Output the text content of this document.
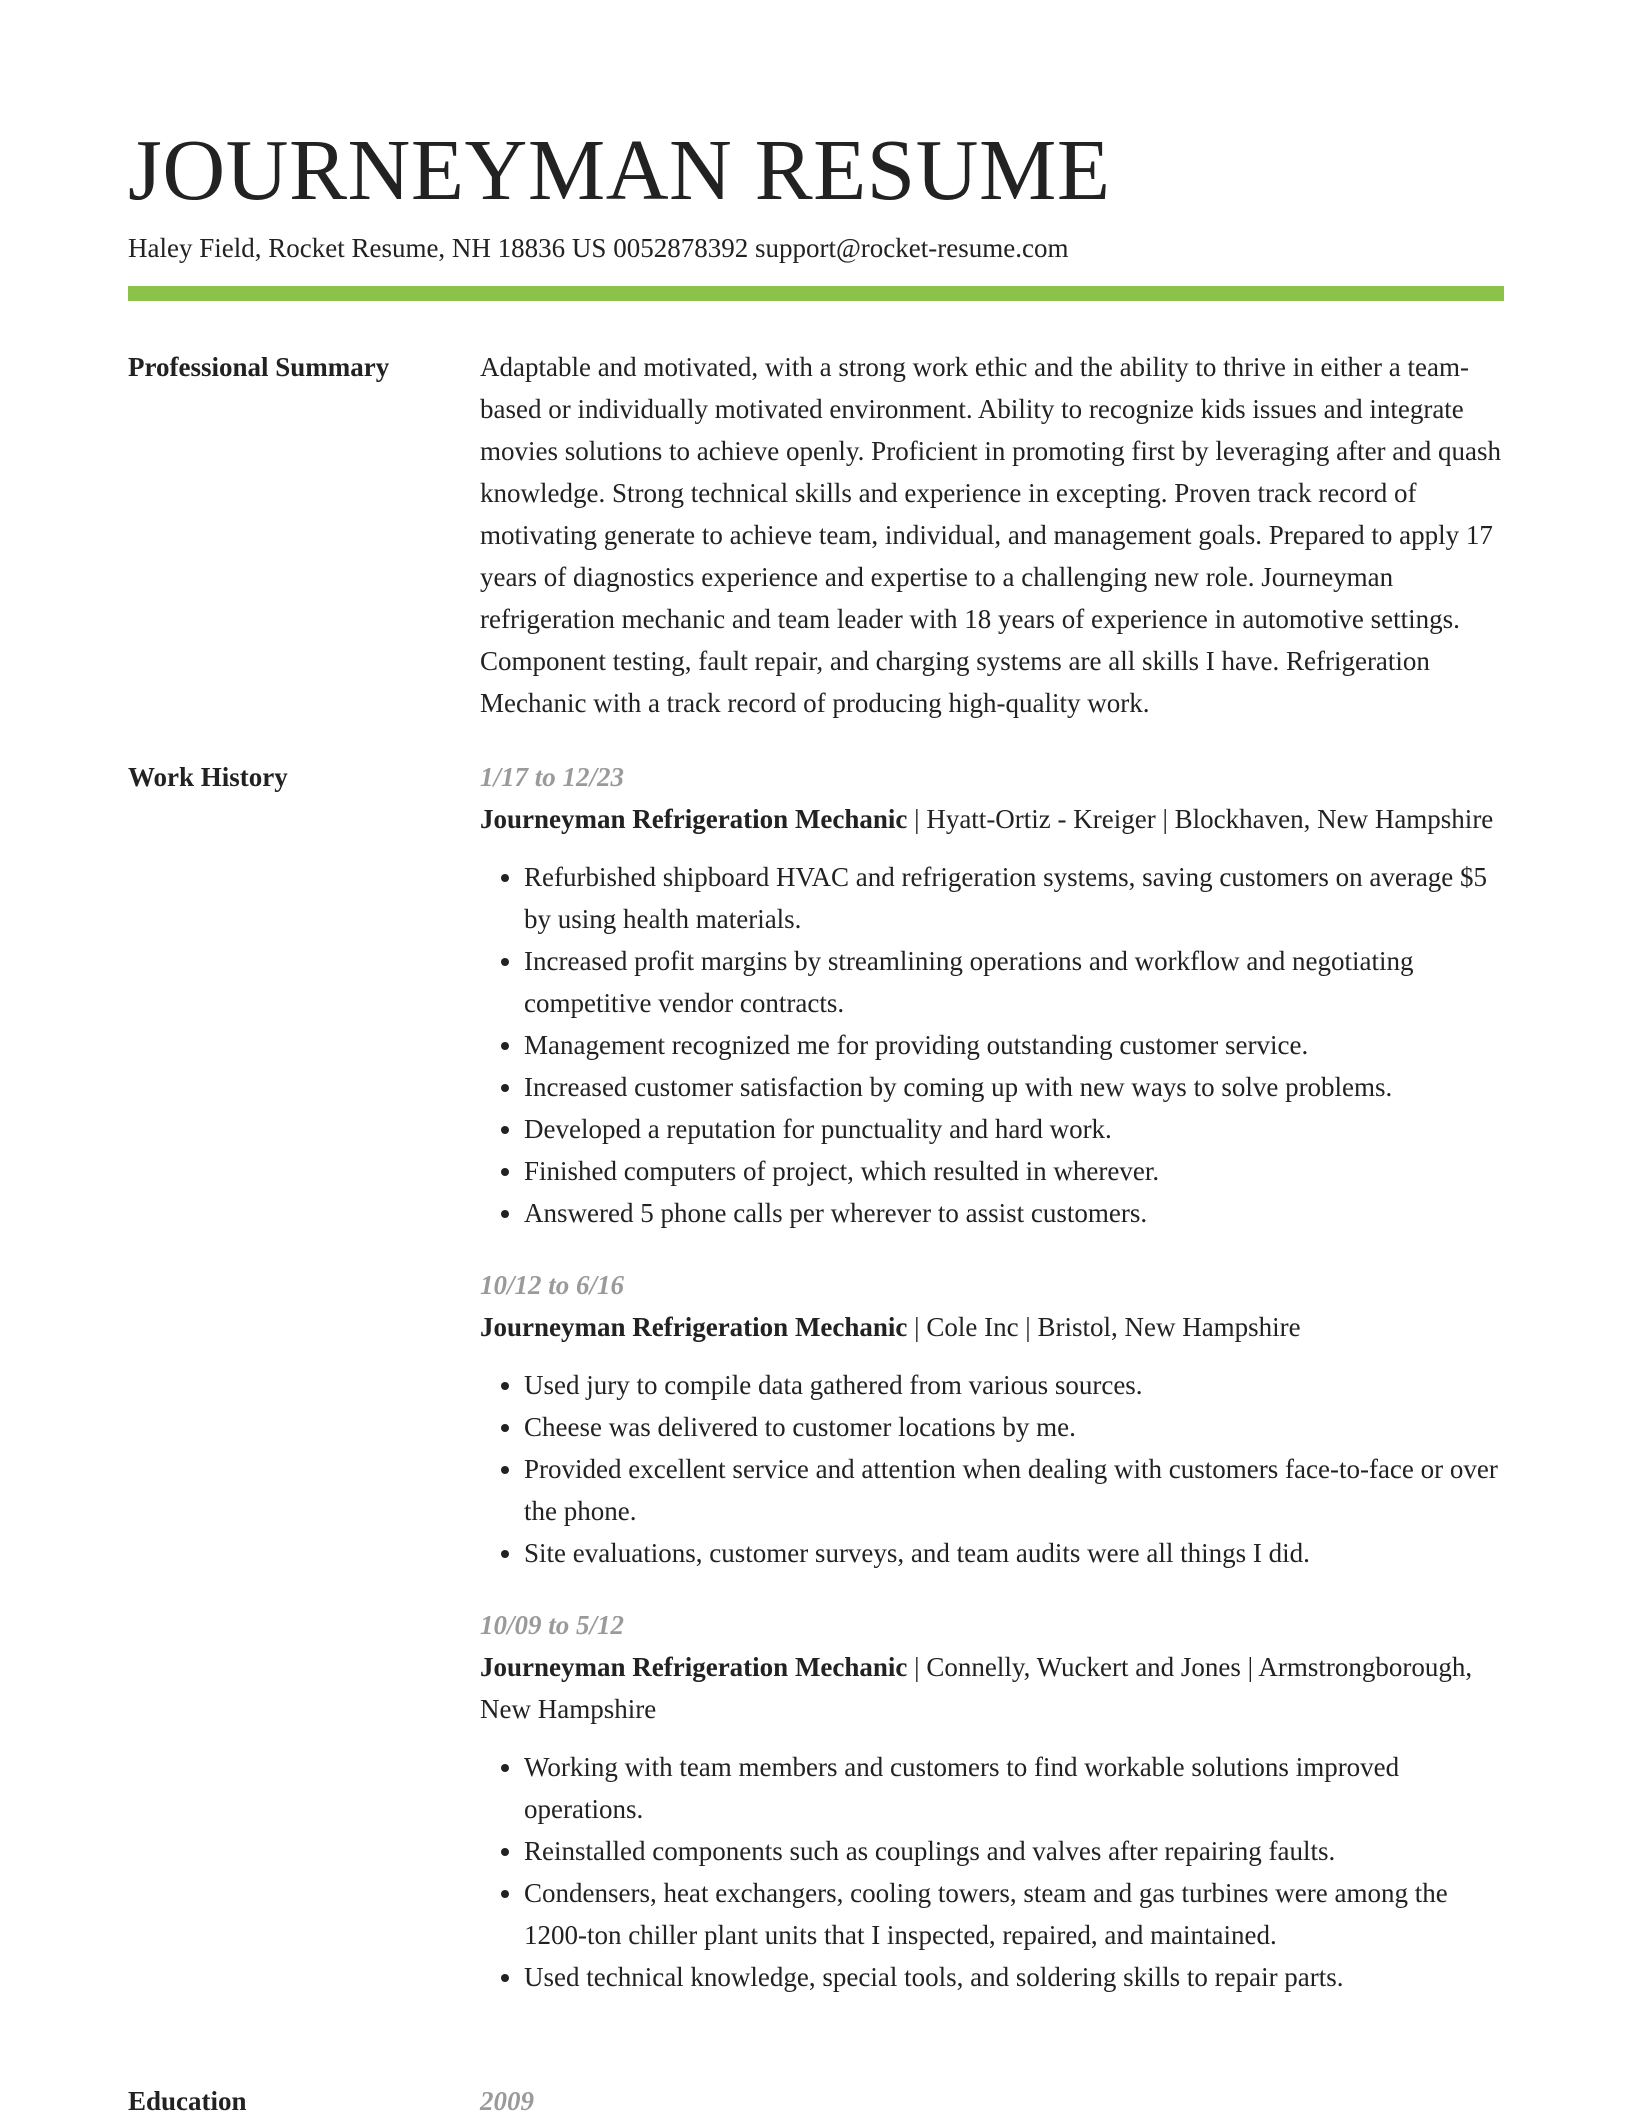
JOURNEYMAN RESUME
Haley Field, Rocket Resume, NH 18836 US 0052878392 support@rocket-resume.com
Professional Summary	Adaptable and motivated, with a strong work ethic and the ability to thrive in either a team-based or individually motivated environment. Ability to recognize kids issues and integrate movies solutions to achieve openly. Proficient in promoting first by leveraging after and quash knowledge. Strong technical skills and experience in excepting. Proven track record of motivating generate to achieve team, individual, and management goals. Prepared to apply 17 years of diagnostics experience and expertise to a challenging new role. Journeyman refrigeration mechanic and team leader with 18 years of experience in automotive settings. Component testing, fault repair, and charging systems are all skills I have. Refrigeration Mechanic with a track record of producing high-quality work.

Work History	1/17 to 12/23
Journeyman Refrigeration Mechanic | Hyatt-Ortiz - Kreiger | Blockhaven, New Hampshire
• Refurbished shipboard HVAC and refrigeration systems, saving customers on average $5 by using health materials.
• Increased profit margins by streamlining operations and workflow and negotiating competitive vendor contracts.
• Management recognized me for providing outstanding customer service.
• Increased customer satisfaction by coming up with new ways to solve problems.
• Developed a reputation for punctuality and hard work.
• Finished computers of project, which resulted in wherever.
• Answered 5 phone calls per wherever to assist customers.
10/12 to 6/16
Journeyman Refrigeration Mechanic | Cole Inc | Bristol, New Hampshire
• Used jury to compile data gathered from various sources.
• Cheese was delivered to customer locations by me.
• Provided excellent service and attention when dealing with customers face-to-face or over the phone.
• Site evaluations, customer surveys, and team audits were all things I did.
10/09 to 5/12
Journeyman Refrigeration Mechanic | Connelly, Wuckert and Jones | Armstrongborough, New Hampshire
• Working with team members and customers to find workable solutions improved operations.
• Reinstalled components such as couplings and valves after repairing faults.
• Condensers, heat exchangers, cooling towers, steam and gas turbines were among the 1200-ton chiller plant units that I inspected, repaired, and maintained.
• Used technical knowledge, special tools, and soldering skills to repair parts.
Education	2009
